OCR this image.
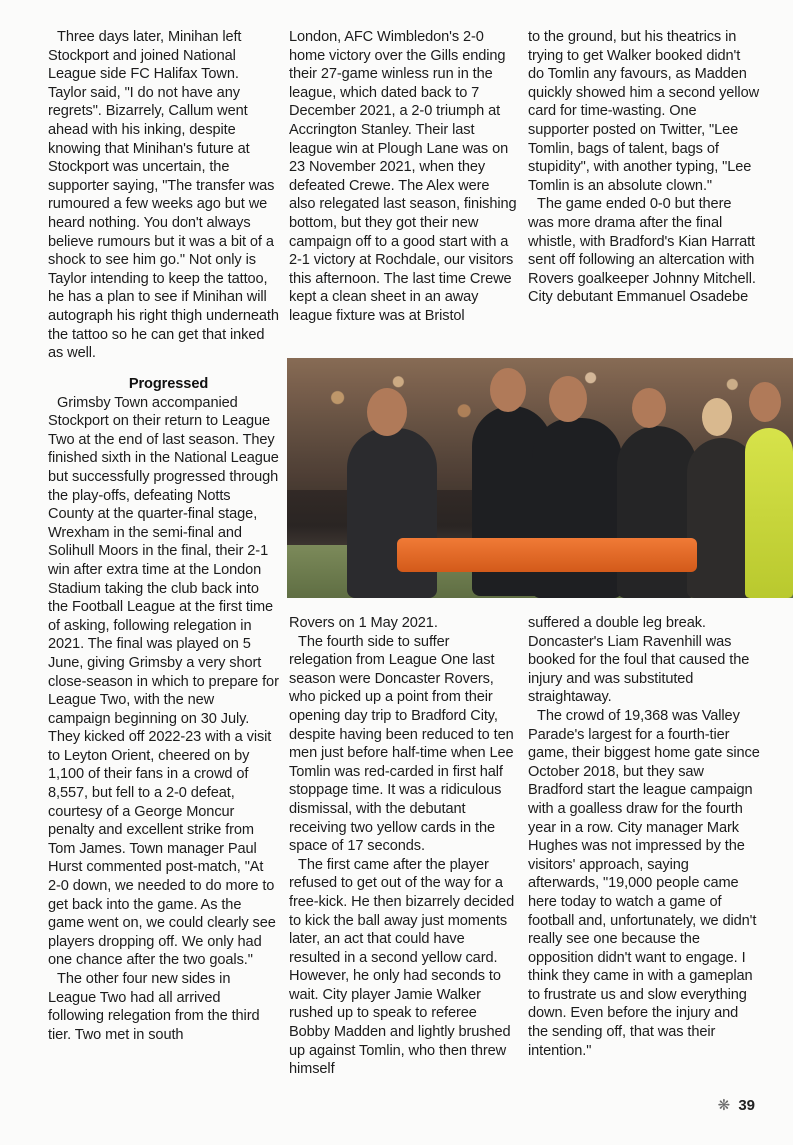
Three days later, Minihan left Stockport and joined National League side FC Halifax Town. Taylor said, "I do not have any regrets". Bizarrely, Callum went ahead with his inking, despite knowing that Minihan's future at Stockport was uncertain, the supporter saying, "The transfer was rumoured a few weeks ago but we heard nothing. You don't always believe rumours but it was a bit of a shock to see him go." Not only is Taylor intending to keep the tattoo, he has a plan to see if Minihan will autograph his right thigh underneath the tattoo so he can get that inked as well.

Progressed

Grimsby Town accompanied Stockport on their return to League Two at the end of last season. They finished sixth in the National League but successfully progressed through the play-offs, defeating Notts County at the quarter-final stage, Wrexham in the semi-final and Solihull Moors in the final, their 2-1 win after extra time at the London Stadium taking the club back into the Football League at the first time of asking, following relegation in 2021. The final was played on 5 June, giving Grimsby a very short close-season in which to prepare for League Two, with the new campaign beginning on 30 July. They kicked off 2022-23 with a visit to Leyton Orient, cheered on by 1,100 of their fans in a crowd of 8,557, but fell to a 2-0 defeat, courtesy of a George Moncur penalty and excellent strike from Tom James. Town manager Paul Hurst commented post-match, "At 2-0 down, we needed to do more to get back into the game. As the game went on, we could clearly see players dropping off. We only had one chance after the two goals."

The other four new sides in League Two had all arrived following relegation from the third tier. Two met in south

London, AFC Wimbledon's 2-0 home victory over the Gills ending their 27-game winless run in the league, which dated back to 7 December 2021, a 2-0 triumph at Accrington Stanley. Their last league win at Plough Lane was on 23 November 2021, when they defeated Crewe. The Alex were also relegated last season, finishing bottom, but they got their new campaign off to a good start with a 2-1 victory at Rochdale, our visitors this afternoon. The last time Crewe kept a clean sheet in an away league fixture was at Bristol

to the ground, but his theatrics in trying to get Walker booked didn't do Tomlin any favours, as Madden quickly showed him a second yellow card for time-wasting. One supporter posted on Twitter, "Lee Tomlin, bags of talent, bags of stupidity", with another typing, "Lee Tomlin is an absolute clown."

The game ended 0-0 but there was more drama after the final whistle, with Bradford's Kian Harratt sent off following an altercation with Rovers goalkeeper Johnny Mitchell. City debutant Emmanuel Osadebe

Rovers on 1 May 2021.

The fourth side to suffer relegation from League One last season were Doncaster Rovers, who picked up a point from their opening day trip to Bradford City, despite having been reduced to ten men just before half-time when Lee Tomlin was red-carded in first half stoppage time. It was a ridiculous dismissal, with the debutant receiving two yellow cards in the space of 17 seconds.

The first came after the player refused to get out of the way for a free-kick. He then bizarrely decided to kick the ball away just moments later, an act that could have resulted in a second yellow card. However, he only had seconds to wait. City player Jamie Walker rushed up to speak to referee Bobby Madden and lightly brushed up against Tomlin, who then threw himself

suffered a double leg break. Doncaster's Liam Ravenhill was booked for the foul that caused the injury and was substituted straightaway.

The crowd of 19,368 was Valley Parade's largest for a fourth-tier game, their biggest home gate since October 2018, but they saw Bradford start the league campaign with a goalless draw for the fourth year in a row. City manager Mark Hughes was not impressed by the visitors' approach, saying afterwards, "19,000 people came here today to watch a game of football and, unfortunately, we didn't really see one because the opposition didn't want to engage. I think they came in with a gameplan to frustrate us and slow everything down. Even before the injury and the sending off, that was their intention."

❋ 39
